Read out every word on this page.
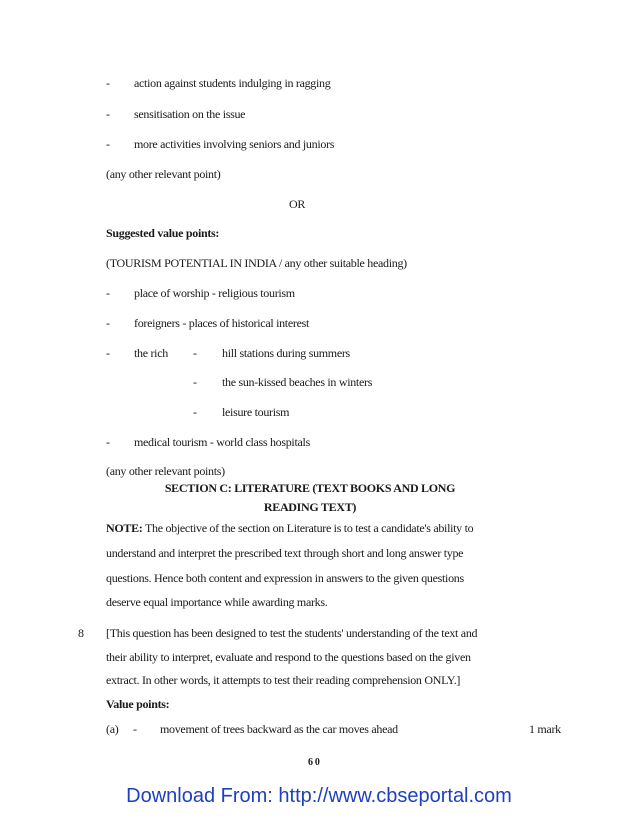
- action against students indulging in ragging
- sensitisation on the issue
- more activities involving seniors and juniors
(any other relevant point)
OR
Suggested value points:
(TOURISM POTENTIAL IN INDIA / any other suitable heading)
- place of worship - religious tourism
- foreigners - places of historical interest
- the rich - hill stations during summers
- the sun-kissed beaches in winters
- leisure tourism
- medical tourism - world class hospitals
(any other relevant points)
SECTION C: LITERATURE (TEXT BOOKS AND LONG
READING TEXT)
NOTE: The objective of the section on Literature is to test a candidate's ability to
understand and interpret the prescribed text through short and long answer type
questions. Hence both content and expression in answers to the given questions
deserve equal importance while awarding marks.
8 [This question has been designed to test the students' understanding of the text and
their ability to interpret, evaluate and respond to the questions based on the given
extract. In other words, it attempts to test their reading comprehension ONLY.]
Value points:
(a) - movement of trees backward as the car moves ahead	1 mark
6 0
Download From: http://www.cbseportal.com
